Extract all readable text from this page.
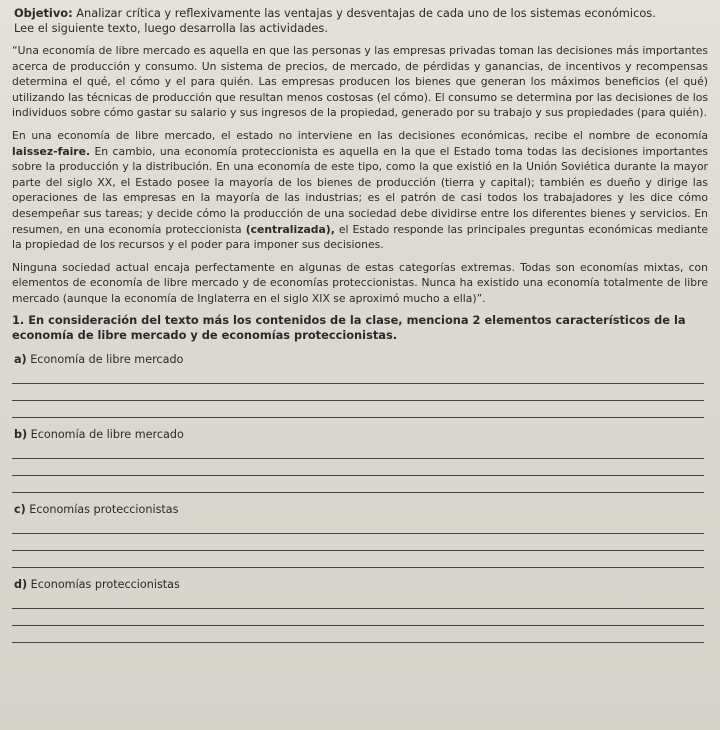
Objetivo: Analizar crítica y reflexivamente las ventajas y desventajas de cada uno de los sistemas económicos.

Lee el siguiente texto, luego desarrolla las actividades.

“Una economía de libre mercado es aquella en que las personas y las empresas privadas toman las decisiones más importantes acerca de producción y consumo. Un sistema de precios, de mercado, de pérdidas y ganancias, de incentivos y recompensas determina el qué, el cómo y el para quién. Las empresas producen los bienes que generan los máximos beneficios (el qué) utilizando las técnicas de producción que resultan menos costosas (el cómo). El consumo se determina por las decisiones de los individuos sobre cómo gastar su salario y sus ingresos de la propiedad, generado por su trabajo y sus propiedades (para quién).

En una economía de libre mercado, el estado no interviene en las decisiones económicas, recibe el nombre de economía laissez-faire. En cambio, una economía proteccionista es aquella en la que el Estado toma todas las decisiones importantes sobre la producción y la distribución. En una economía de este tipo, como la que existió en la Unión Soviética durante la mayor parte del siglo XX, el Estado posee la mayoría de los bienes de producción (tierra y capital); también es dueño y dirige las operaciones de las empresas en la mayoría de las industrias; es el patrón de casi todos los trabajadores y les dice cómo desempeñar sus tareas; y decide cómo la producción de una sociedad debe dividirse entre los diferentes bienes y servicios. En resumen, en una economía proteccionista (centralizada), el Estado responde las principales preguntas económicas mediante la propiedad de los recursos y el poder para imponer sus decisiones.

Ninguna sociedad actual encaja perfectamente en algunas de estas categorías extremas. Todas son economías mixtas, con elementos de economía de libre mercado y de economías proteccionistas. Nunca ha existido una economía totalmente de libre mercado (aunque la economía de Inglaterra en el siglo XIX se aproximó mucho a ella)”.

1. En consideración del texto más los contenidos de la clase, menciona 2 elementos característicos de la economía de libre mercado y de economías proteccionistas.

a) Economía de libre mercado
b) Economía de libre mercado
c) Economías proteccionistas
d) Economías proteccionistas
